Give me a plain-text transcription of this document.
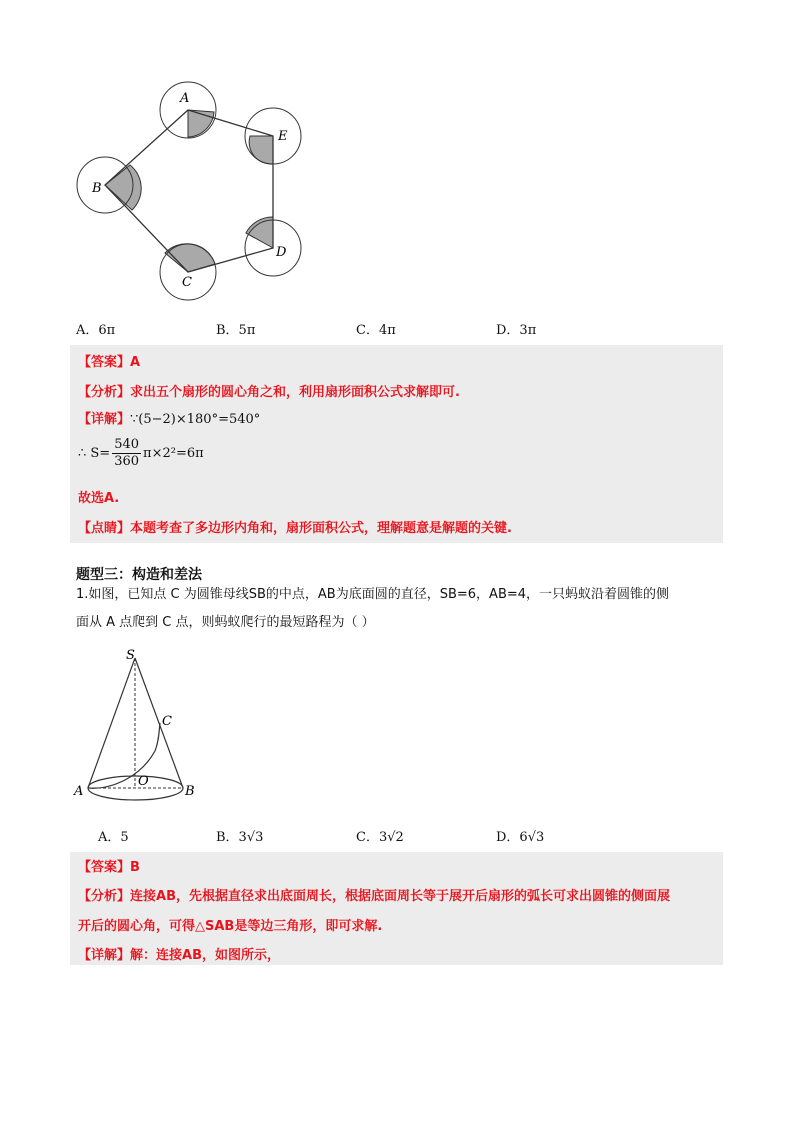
A
B
C
D
E
A．6π	B．5π	C．4π	D．3π
【答案】A
【分析】求出五个扇形的圆心角之和，利用扇形面积公式求解即可.
【详解】∵(5−2)×180°=540°
∴ $S= \frac{540}{360} \pi\times 2^2=6\pi$
故选A.
【点睛】本题考查了多边形内角和，扇形面积公式，理解题意是解题的关键.
题型三：构造和差法
1.如图，已知点 C 为圆锥母线SB的中点，AB为底面圆的直径，SB=6，AB=4，一只蚂蚁沿着圆锥的侧
面从 A 点爬到 C 点，则蚂蚁爬行的最短路程为（ ）
S
C
O
A	B
A．5	B．3√3	C．3√2	D．6√3
【答案】B
【分析】连接AB，先根据直径求出底面周长，根据底面周长等于展开后扇形的弧长可求出圆锥的侧面展
开后的圆心角，可得△SAB是等边三角形，即可求解.
【详解】解：连接AB，如图所示，
